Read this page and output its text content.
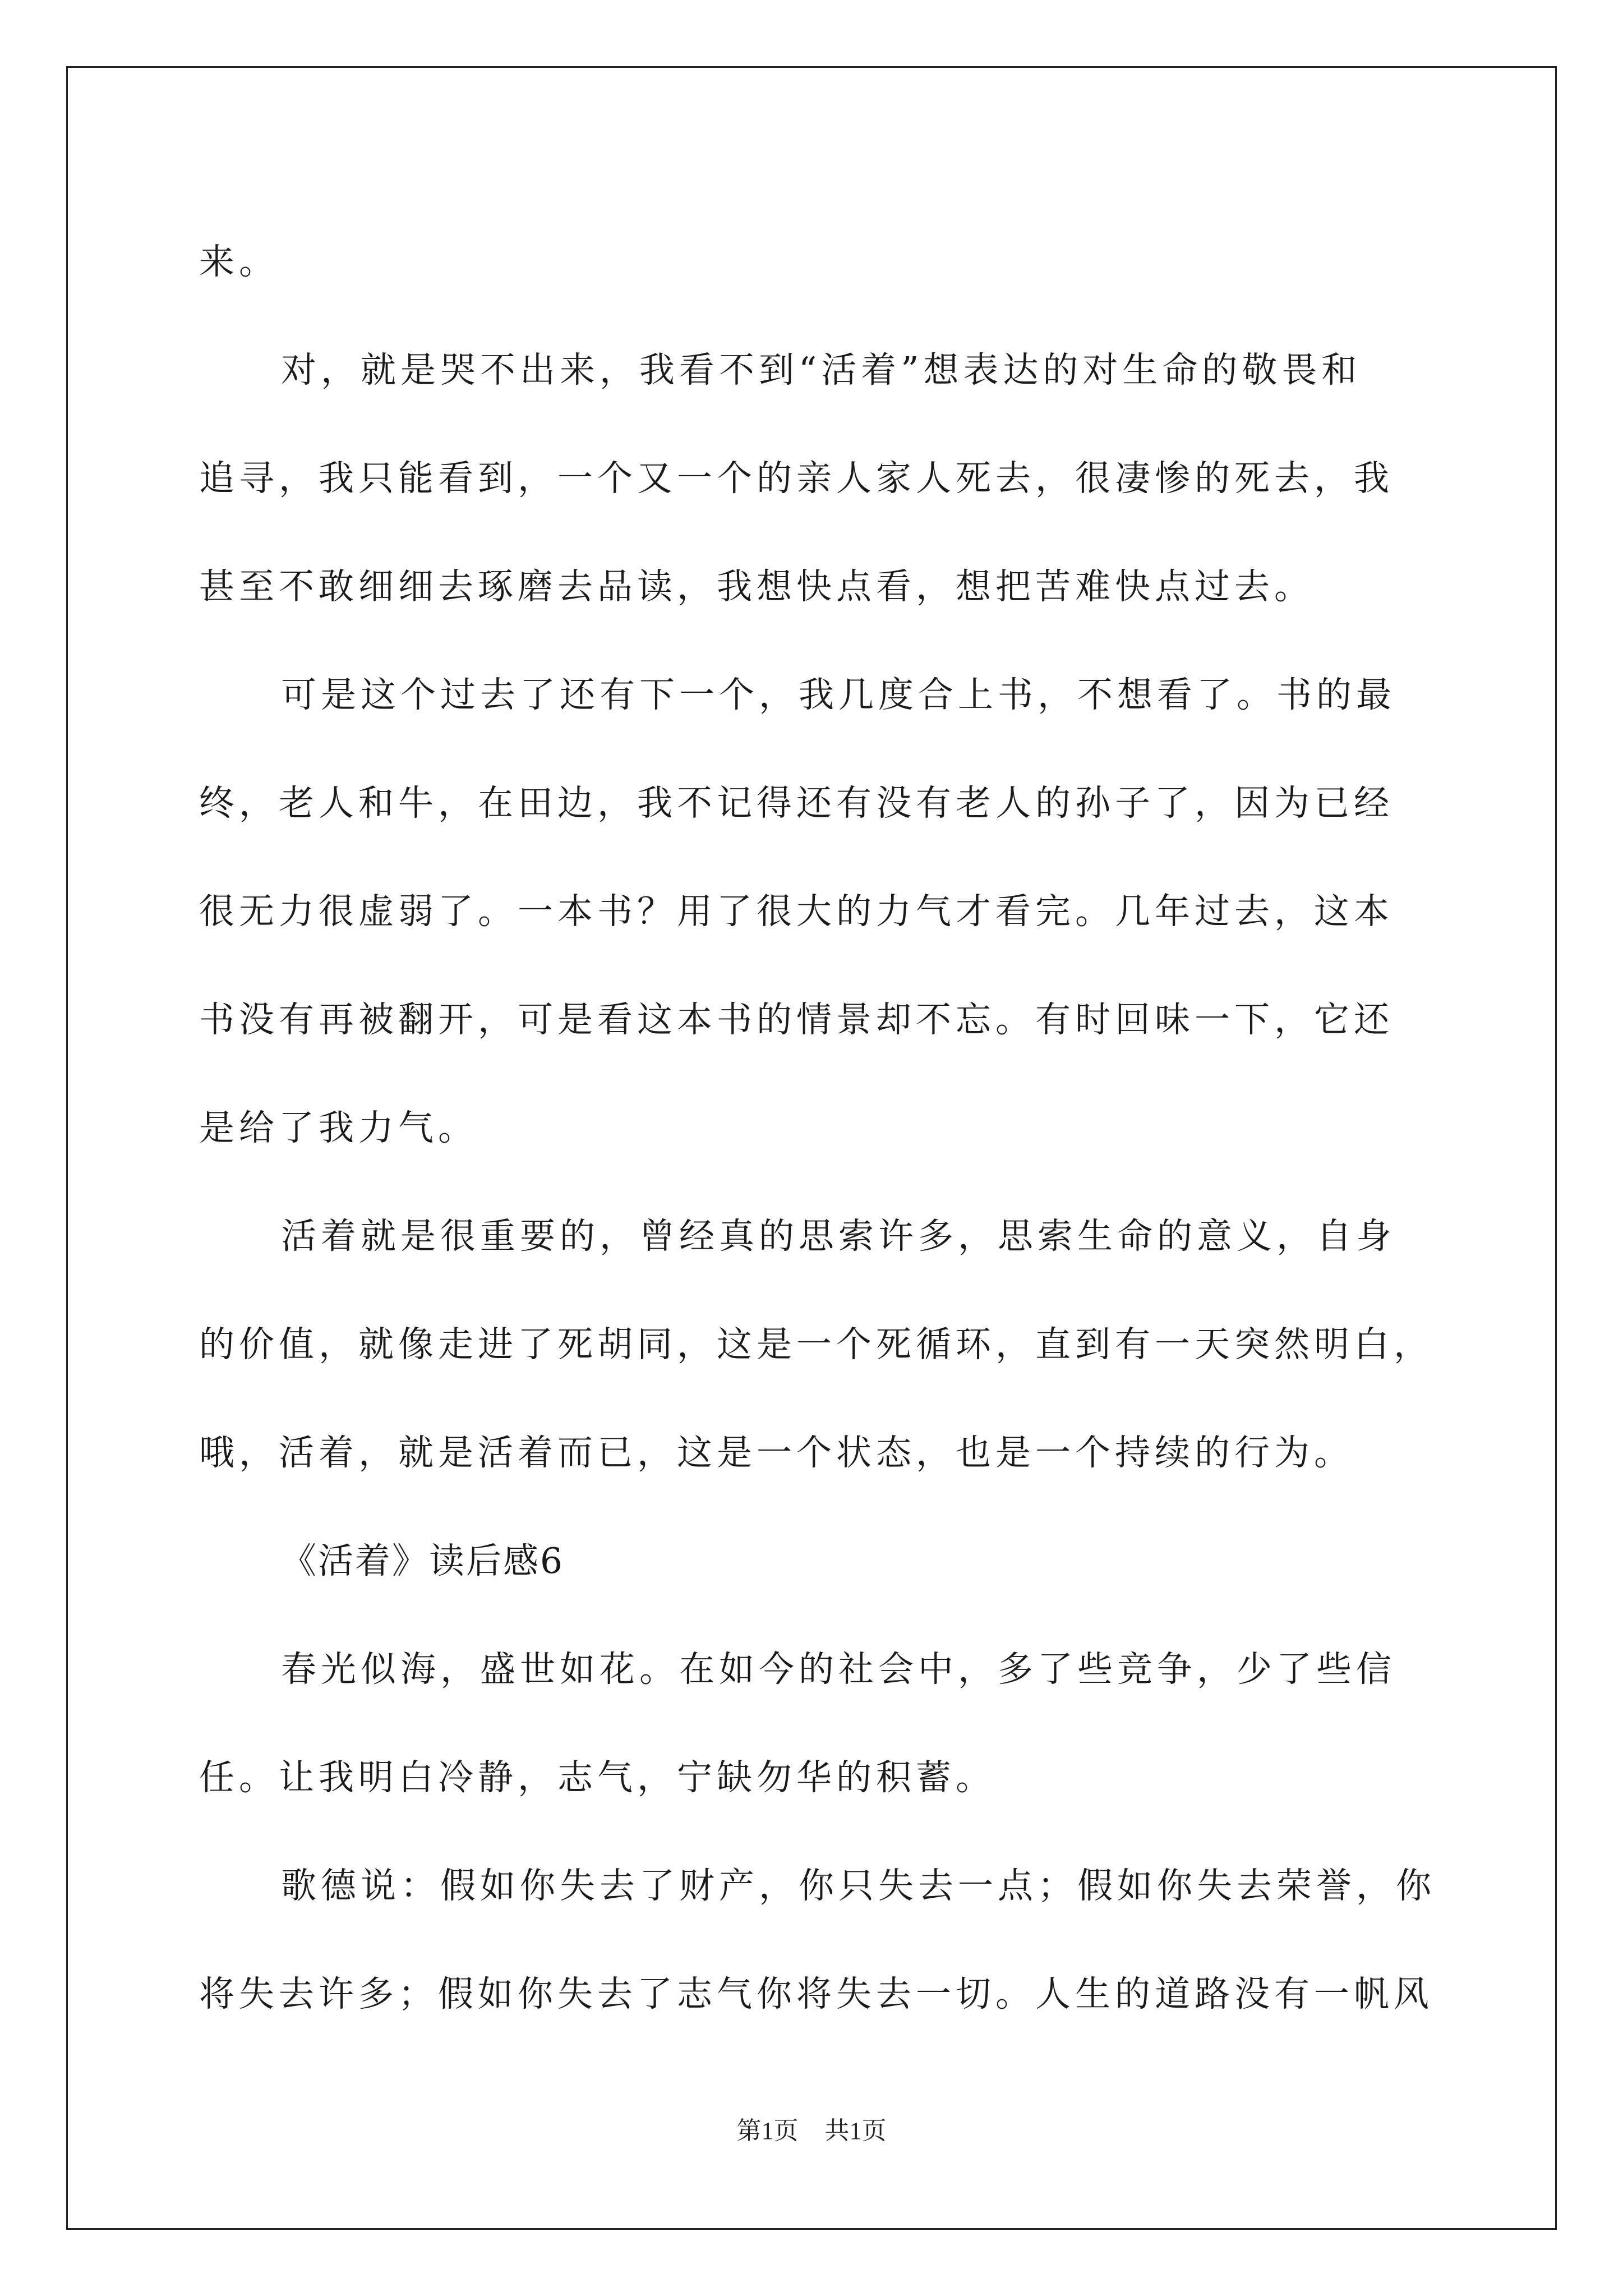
来。
对，就是哭不出来，我看不到“活着”想表达的对生命的敬畏和
追寻，我只能看到，一个又一个的亲人家人死去，很凄惨的死去，我
甚至不敢细细去琢磨去品读，我想快点看，想把苦难快点过去。
可是这个过去了还有下一个，我几度合上书，不想看了。书的最
终，老人和牛，在田边，我不记得还有没有老人的孙子了，因为已经
很无力很虚弱了。一本书？用了很大的力气才看完。几年过去，这本
书没有再被翻开，可是看这本书的情景却不忘。有时回味一下，它还
是给了我力气。
活着就是很重要的，曾经真的思索许多，思索生命的意义，自身
的价值，就像走进了死胡同，这是一个死循环，直到有一天突然明白，
哦，活着，就是活着而已，这是一个状态，也是一个持续的行为。
《活着》读后感6
春光似海，盛世如花。在如今的社会中，多了些竞争，少了些信
任。让我明白冷静，志气，宁缺勿华的积蓄。
歌德说：假如你失去了财产，你只失去一点；假如你失去荣誉，你
将失去许多；假如你失去了志气你将失去一切。人生的道路没有一帆风
第1页 共1页
